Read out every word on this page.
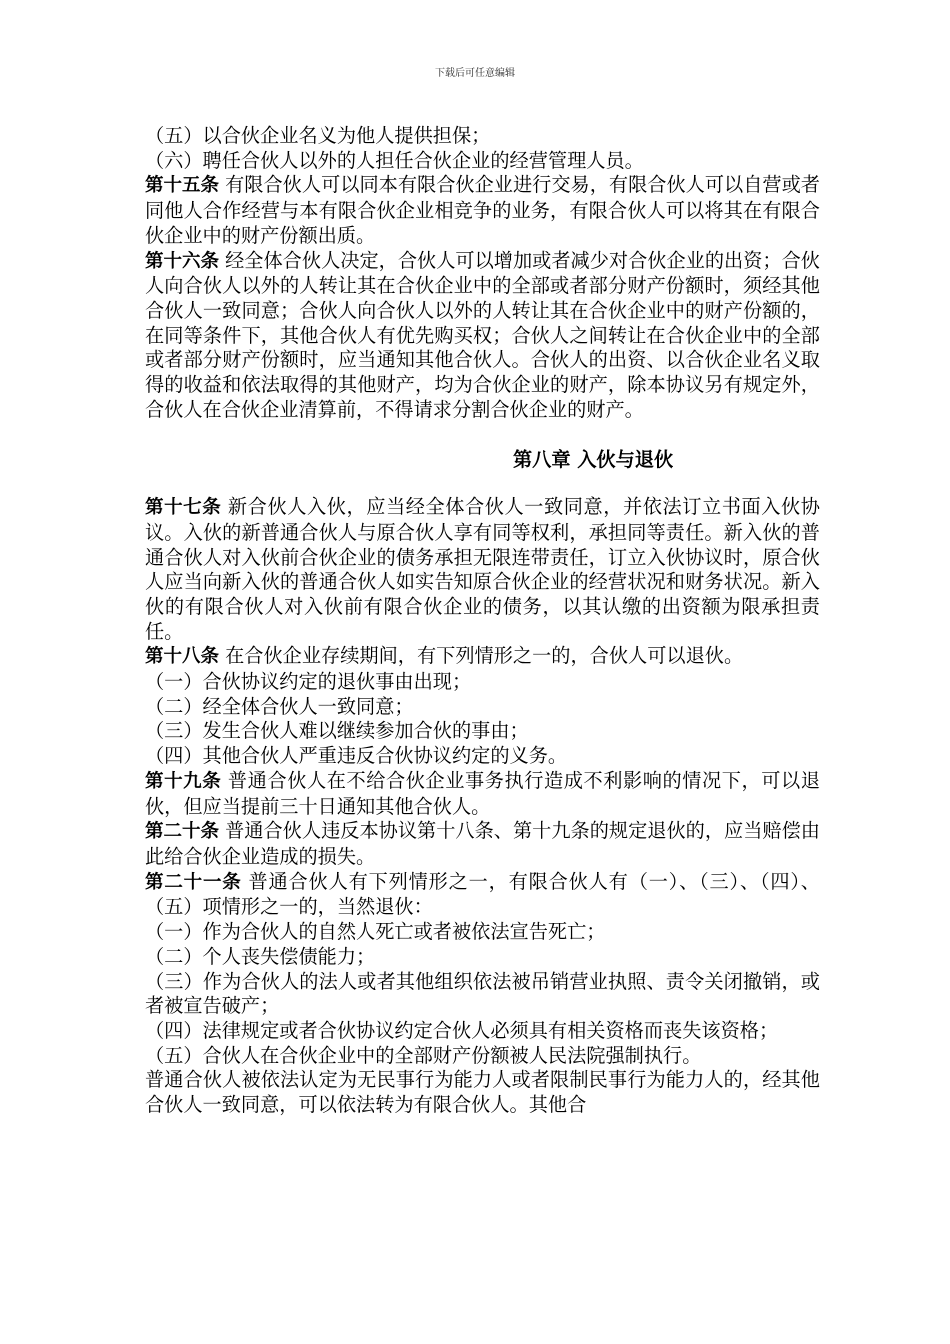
下载后可任意编辑

（五）以合伙企业名义为他人提供担保；

（六）聘任合伙人以外的人担任合伙企业的经营管理人员。

第十五条 有限合伙人可以同本有限合伙企业进行交易，有限合伙人可以自营或者同他人合作经营与本有限合伙企业相竞争的业务，有限合伙人可以将其在有限合伙企业中的财产份额出质。

第十六条 经全体合伙人决定，合伙人可以增加或者减少对合伙企业的出资；合伙人向合伙人以外的人转让其在合伙企业中的全部或者部分财产份额时，须经其他合伙人一致同意；合伙人向合伙人以外的人转让其在合伙企业中的财产份额的，在同等条件下，其他合伙人有优先购买权；合伙人之间转让在合伙企业中的全部或者部分财产份额时，应当通知其他合伙人。合伙人的出资、以合伙企业名义取得的收益和依法取得的其他财产，均为合伙企业的财产，除本协议另有规定外，合伙人在合伙企业清算前，不得请求分割合伙企业的财产。

第八章 入伙与退伙

第十七条 新合伙人入伙，应当经全体合伙人一致同意，并依法订立书面入伙协议。入伙的新普通合伙人与原合伙人享有同等权利，承担同等责任。新入伙的普通合伙人对入伙前合伙企业的债务承担无限连带责任，订立入伙协议时，原合伙人应当向新入伙的普通合伙人如实告知原合伙企业的经营状况和财务状况。新入伙的有限合伙人对入伙前有限合伙企业的债务，以其认缴的出资额为限承担责任。

第十八条 在合伙企业存续期间，有下列情形之一的，合伙人可以退伙。

（一）合伙协议约定的退伙事由出现；

（二）经全体合伙人一致同意；

（三）发生合伙人难以继续参加合伙的事由；

（四）其他合伙人严重违反合伙协议约定的义务。

第十九条 普通合伙人在不给合伙企业事务执行造成不利影响的情况下，可以退伙，但应当提前三十日通知其他合伙人。

第二十条 普通合伙人违反本协议第十八条、第十九条的规定退伙的，应当赔偿由此给合伙企业造成的损失。

第二十一条 普通合伙人有下列情形之一，有限合伙人有（一）、（三）、（四）、（五）项情形之一的，当然退伙：

（一）作为合伙人的自然人死亡或者被依法宣告死亡；

（二）个人丧失偿债能力；

（三）作为合伙人的法人或者其他组织依法被吊销营业执照、责令关闭撤销，或者被宣告破产；

（四）法律规定或者合伙协议约定合伙人必须具有相关资格而丧失该资格；

（五）合伙人在合伙企业中的全部财产份额被人民法院强制执行。

普通合伙人被依法认定为无民事行为能力人或者限制民事行为能力人的，经其他合伙人一致同意，可以依法转为有限合伙人。其他合
